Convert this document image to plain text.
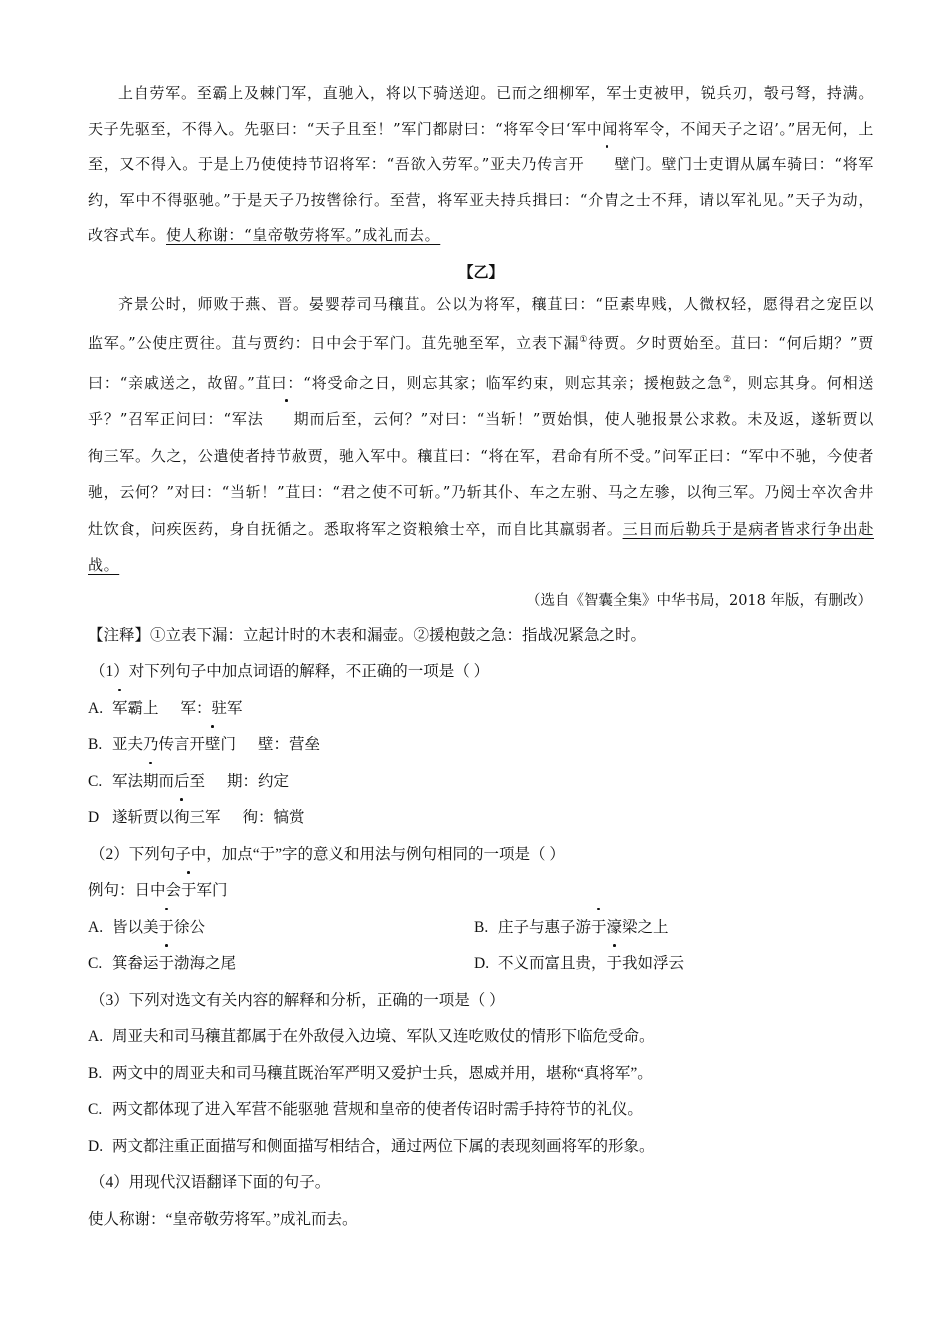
上自劳军。至霸上及棘门军，直驰入，将以下骑送迎。已而之细柳军，军士吏被甲，锐兵刃，彀弓弩，持满。天子先驱至，不得入。先驱曰：“天子且至！”军门都尉曰：“将军令曰‘军中闻将军令，不闻天子之诏’。”居无何，上至，又不得入。于是上乃使使持节诏将军：“吾欲入劳军。”亚夫乃传言开 壁门。壁门士吏谓从属车骑曰：“将军约，军中不得驱驰。”于是天子乃按辔徐行。至营，将军亚夫持兵揖曰：“介胄之士不拜，请以军礼见。”天子为动，改容式车。使人称谢：“皇帝敬劳将军。”成礼而去。

【乙】

齐景公时，师败于燕、晋。晏婴荐司马穰苴。公以为将军，穰苴曰：“臣素卑贱，人微权轻，愿得君之宠臣以监军。”公使庄贾往。苴与贾约：日中会于军门。苴先驰至军，立表下漏①待贾。夕时贾始至。苴曰：“何后期？”贾曰：“亲戚送之，故留。”苴曰：“将受命之日，则忘其家；临军约束，则忘其亲；援枹鼓之急②，则忘其身。何相送乎？”召军正问曰：“军法 期而后至，云何？”对曰：“当斩！”贾始惧，使人驰报景公求救。未及返，遂斩贾以徇三军。久之，公遣使者持节赦贾，驰入军中。穰苴曰：“将在军，君命有所不受。”问军正曰：“军中不驰，今使者驰，云何？”对曰：“当斩！”苴曰：“君之使不可斩。”乃斩其仆、车之左驸、马之左骖，以徇三军。乃阅士卒次舍井灶饮食，问疾医药，身自抚循之。悉取将军之资粮飨士卒，而自比其羸弱者。三日而后勒兵于是病者皆求行争出赴战。

（选自《智囊全集》中华书局，2018 年版，有删改）
【注释】①立表下漏：立起计时的木表和漏壶。②援枹鼓之急：指战况紧急之时。
（1）对下列句子中加点词语的解释，不正确的一项是（ ）
A. 军霸上 军：驻军
B. 亚夫乃传言开壁门 壁：营垒
C. 军法期而后至 期：约定
D 遂斩贾以徇三军 徇：犒赏
（2）下列句子中，加点“于”字的意义和用法与例句相同的一项是（ ）
例句：日中会于军门
A. 皆以美于徐公	B. 庄子与惠子游于濠梁之上
C. 箕畚运于渤海之尾	D. 不义而富且贵，于我如浮云
（3）下列对选文有关内容的解释和分析，正确的一项是（ ）
A. 周亚夫和司马穰苴都属于在外敌侵入边境、军队又连吃败仗的情形下临危受命。
B. 两文中的周亚夫和司马穰苴既治军严明又爱护士兵，恩威并用，堪称“真将军”。
C. 两文都体现了进入军营不能驱驰 营规和皇帝的使者传诏时需手持符节的礼仪。
D. 两文都注重正面描写和侧面描写相结合，通过两位下属的表现刻画将军的形象。
（4）用现代汉语翻译下面的句子。
使人称谢：“皇帝敬劳将军。”成礼而去。
